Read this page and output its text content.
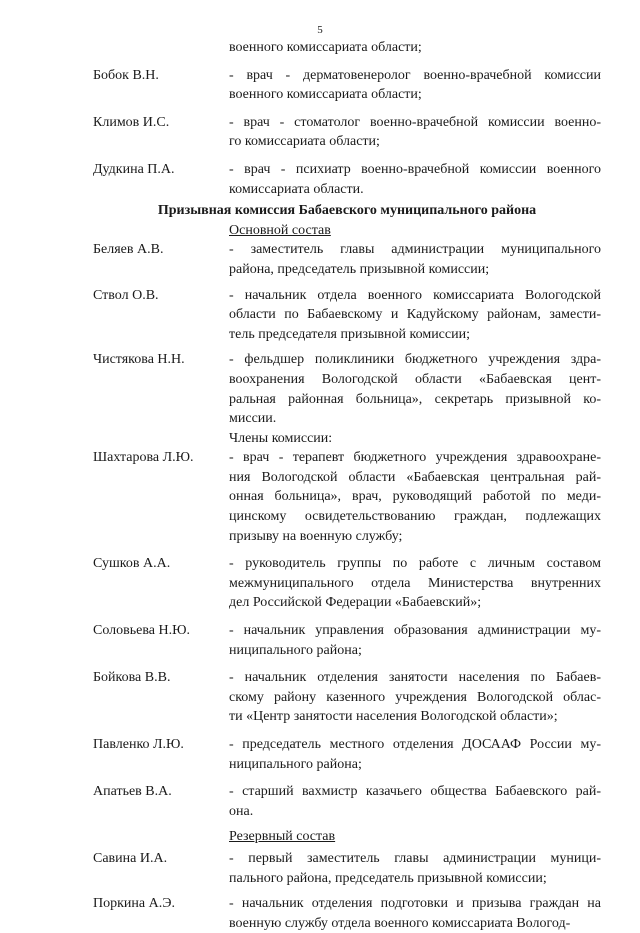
5
военного комиссариата области;
Бобок В.Н.	- врач - дерматовенеролог военно-врачебной комиссии
военного комиссариата области;
Климов И.С.	- врач - стоматолог военно-врачебной комиссии военно-
го комиссариата области;
Дудкина П.А.	- врач - психиатр военно-врачебной комиссии военного
комиссариата области.
Призывная комиссия Бабаевского муниципального района
Основной состав
Беляев А.В.	- заместитель главы администрации муниципального
района, председатель призывной комиссии;
Ствол О.В.	- начальник отдела военного комиссариата Вологодской
области по Бабаевскому и Кадуйскому районам, замести-
тель председателя призывной комиссии;
Чистякова Н.Н.	- фельдшер поликлиники бюджетного учреждения здра-
воохранения Вологодской области «Бабаевская цент-
ральная районная больница», секретарь призывной ко-
миссии.
Члены комиссии:
Шахтарова Л.Ю.	- врач - терапевт бюджетного учреждения здравоохране-
ния Вологодской области «Бабаевская центральная рай-
онная больница», врач, руководящий работой по меди-
цинскому освидетельствованию граждан, подлежащих
призыву на военную службу;
Сушков А.А.	- руководитель группы по работе с личным составом
межмуниципального отдела Министерства внутренних
дел Российской Федерации «Бабаевский»;
Соловьева Н.Ю.	- начальник управления образования администрации му-
ниципального района;
Бойкова В.В.	- начальник отделения занятости населения по Бабаев-
скому району казенного учреждения Вологодской облас-
ти «Центр занятости населения Вологодской области»;
Павленко Л.Ю.	- председатель местного отделения ДОСААФ России му-
ниципального района;
Апатьев В.А.	- старший вахмистр казачьего общества Бабаевского рай-
она.
Резервный состав
Савина И.А.	- первый заместитель главы администрации муници-
пального района, председатель призывной комиссии;
Поркина А.Э.	- начальник отделения подготовки и призыва граждан на
военную службу отдела военного комиссариата Вологод-
